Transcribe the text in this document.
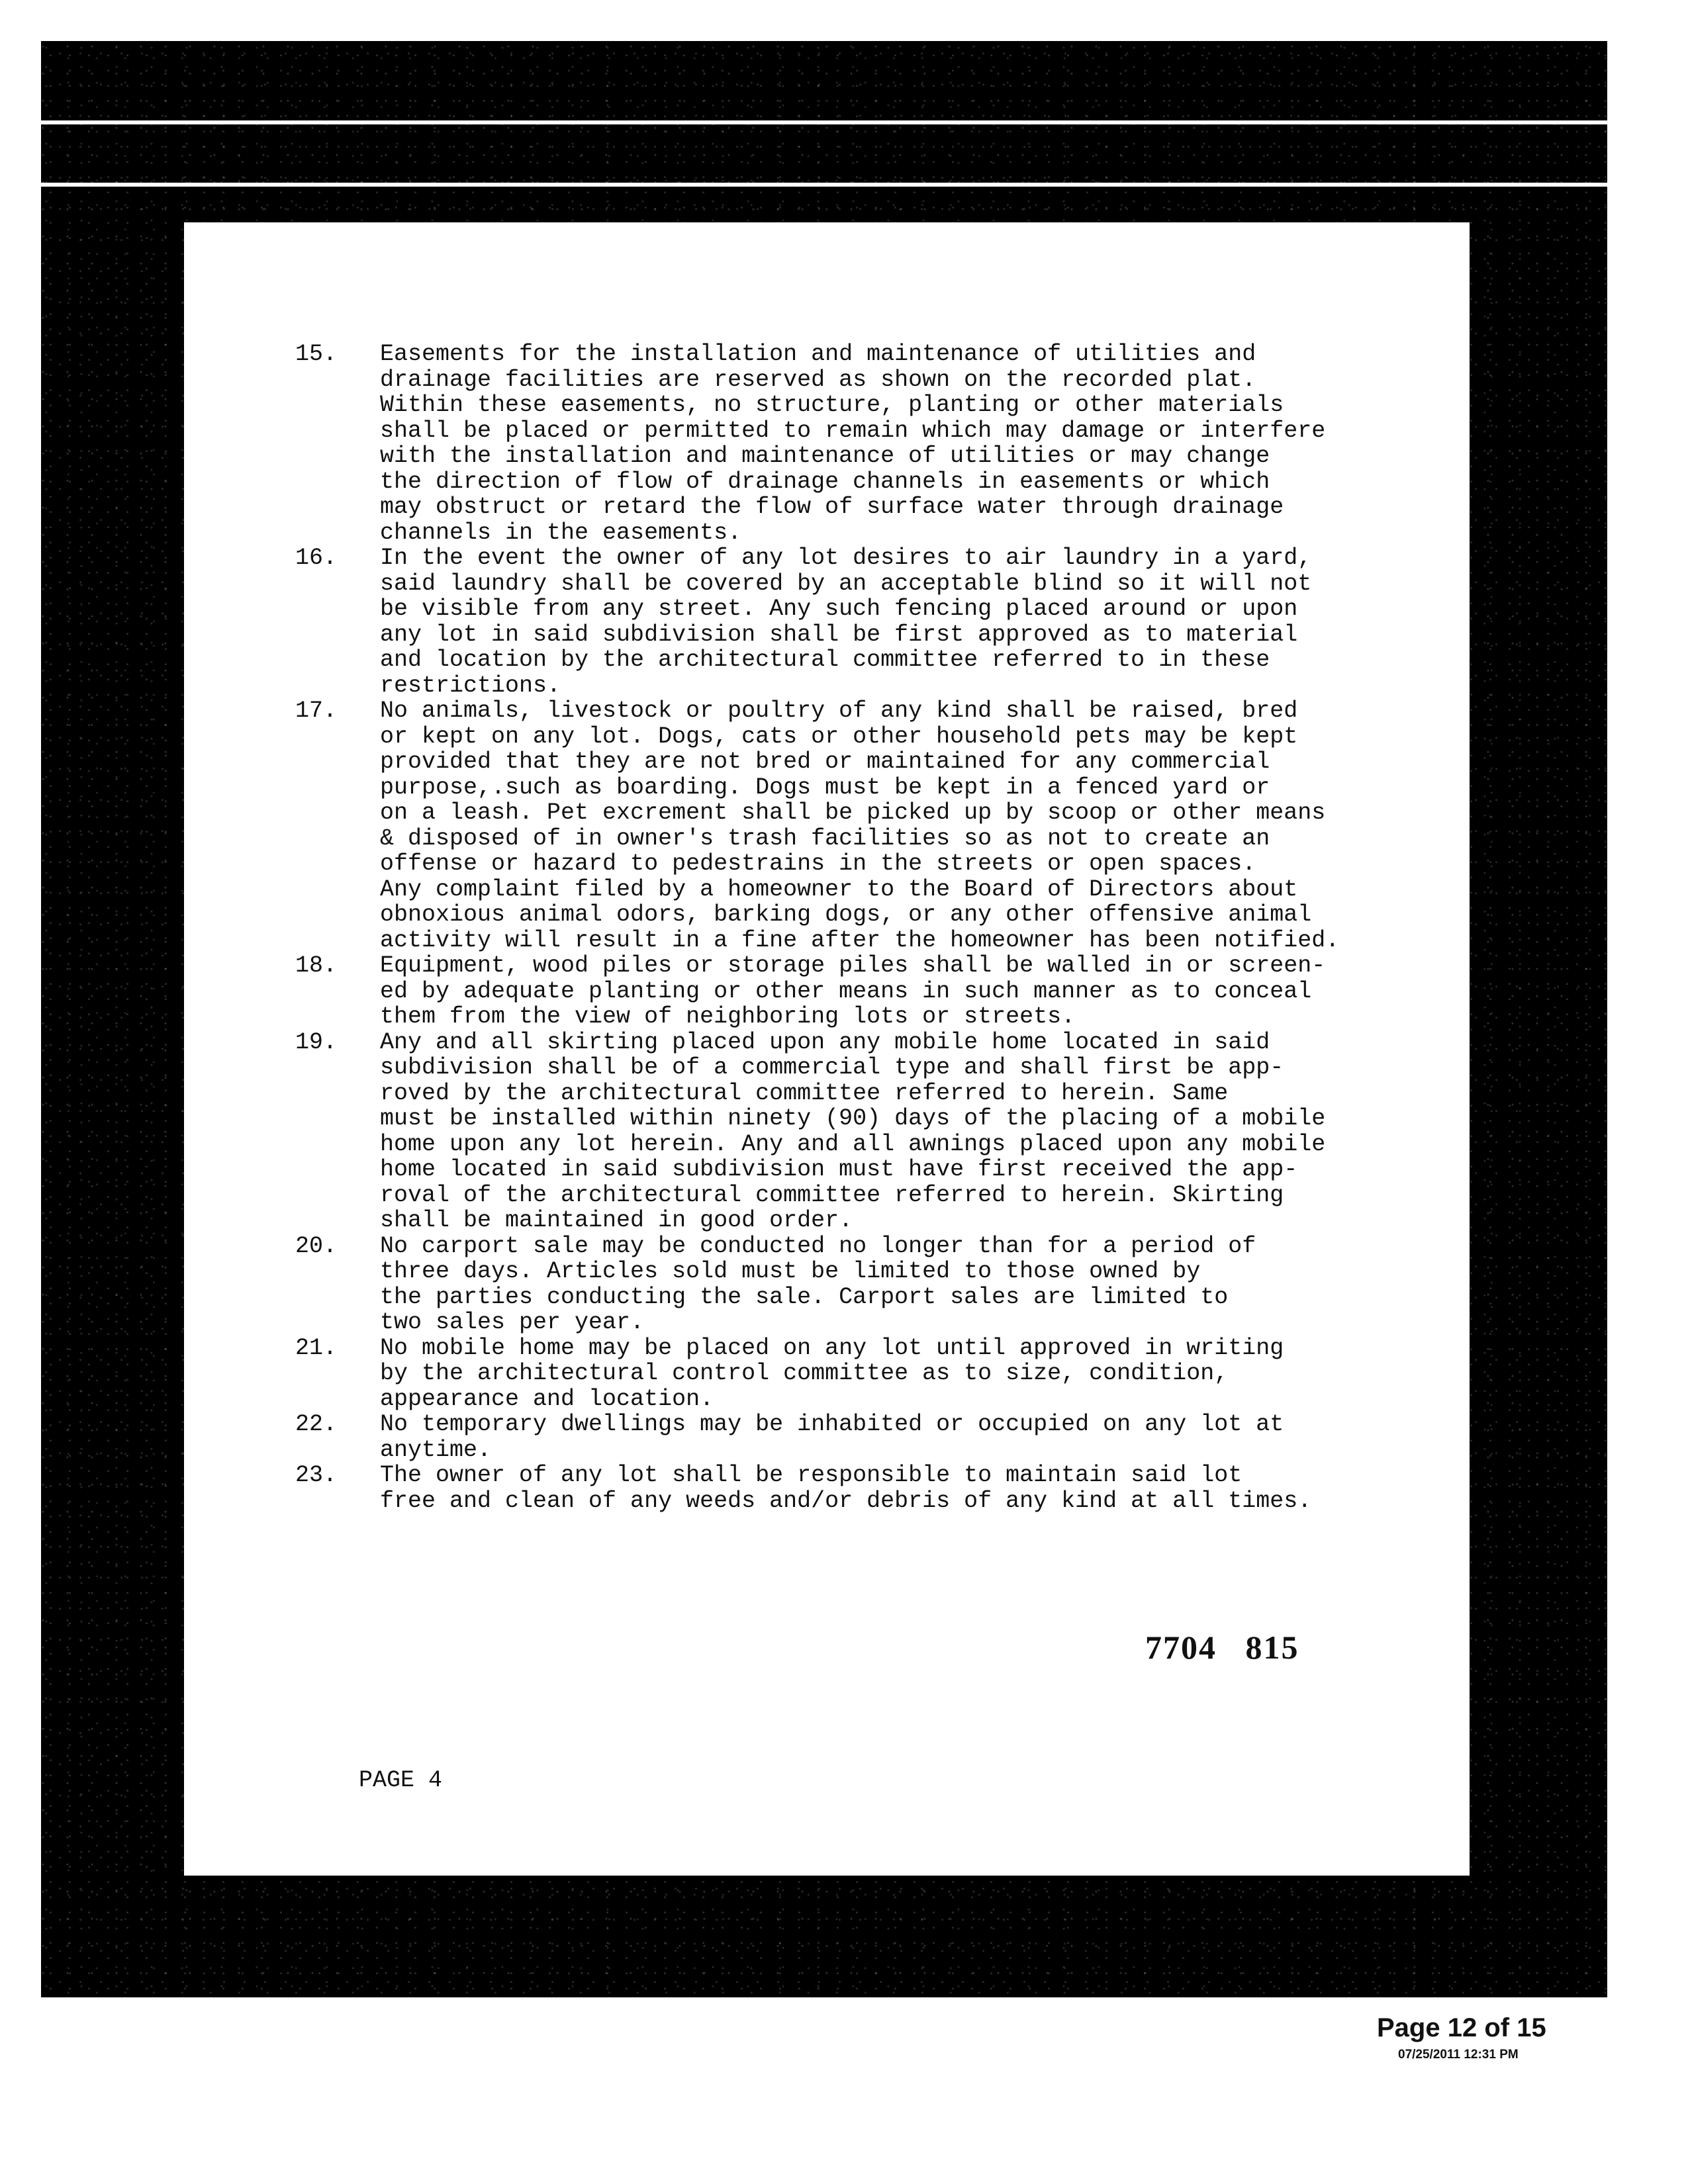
15. Easements for the installation and maintenance of utilities and
drainage facilities are reserved as shown on the recorded plat.
Within these easements, no structure, planting or other materials
shall be placed or permitted to remain which may damage or interfere
with the installation and maintenance of utilities or may change
the direction of flow of drainage channels in easements or which
may obstruct or retard the flow of surface water through drainage
channels in the easements.
16. In the event the owner of any lot desires to air laundry in a yard,
said laundry shall be covered by an acceptable blind so it will not
be visible from any street. Any such fencing placed around or upon
any lot in said subdivision shall be first approved as to material
and location by the architectural committee referred to in these
restrictions.
17. No animals, livestock or poultry of any kind shall be raised, bred
or kept on any lot. Dogs, cats or other household pets may be kept
provided that they are not bred or maintained for any commercial
purpose,.such as boarding. Dogs must be kept in a fenced yard or
on a leash. Pet excrement shall be picked up by scoop or other means
& disposed of in owner's trash facilities so as not to create an
offense or hazard to pedestrains in the streets or open spaces.
Any complaint filed by a homeowner to the Board of Directors about
obnoxious animal odors, barking dogs, or any other offensive animal
activity will result in a fine after the homeowner has been notified.
18. Equipment, wood piles or storage piles shall be walled in or screen-
ed by adequate planting or other means in such manner as to conceal
them from the view of neighboring lots or streets.
19. Any and all skirting placed upon any mobile home located in said
subdivision shall be of a commercial type and shall first be app-
roved by the architectural committee referred to herein. Same
must be installed within ninety (90) days of the placing of a mobile
home upon any lot herein. Any and all awnings placed upon any mobile
home located in said subdivision must have first received the app-
roval of the architectural committee referred to herein. Skirting
shall be maintained in good order.
20. No carport sale may be conducted no longer than for a period of
three days. Articles sold must be limited to those owned by
the parties conducting the sale. Carport sales are limited to
two sales per year.
21. No mobile home may be placed on any lot until approved in writing
by the architectural control committee as to size, condition,
appearance and location.
22. No temporary dwellings may be inhabited or occupied on any lot at
anytime.
23. The owner of any lot shall be responsible to maintain said lot
free and clean of any weeds and/or debris of any kind at all times.
7704   815
PAGE 4
Page 12 of 15
07/25/2011 12:31 PM
